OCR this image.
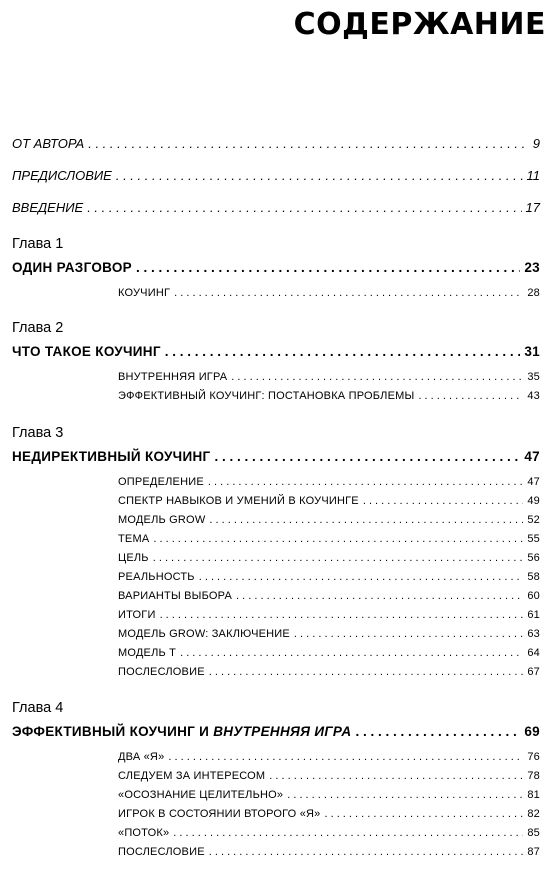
СОДЕРЖАНИЕ
ОТ АВТОРА . . .	9
ПРЕДИСЛОВИЕ . . .	11
ВВЕДЕНИЕ . . .	17
Глава 1
ОДИН РАЗГОВОР . . .	23
КОУЧИНГ . . .	28
Глава 2
ЧТО ТАКОЕ КОУЧИНГ . . .	31
ВНУТРЕННЯЯ ИГРА . . .	35
ЭФФЕКТИВНЫЙ КОУЧИНГ: ПОСТАНОВКА ПРОБЛЕМЫ . . .	43
Глава 3
НЕДИРЕКТИВНЫЙ КОУЧИНГ . . .	47
ОПРЕДЕЛЕНИЕ . . .	47
СПЕКТР НАВЫКОВ И УМЕНИЙ В КОУЧИНГЕ . . .	49
МОДЕЛЬ GROW . . .	52
ТЕМА . . .	55
ЦЕЛЬ . . .	56
РЕАЛЬНОСТЬ . . .	58
ВАРИАНТЫ ВЫБОРА . . .	60
ИТОГИ . . .	61
МОДЕЛЬ GROW: ЗАКЛЮЧЕНИЕ . . .	63
МОДЕЛЬ T . . .	64
ПОСЛЕСЛОВИЕ . . .	67
Глава 4
ЭФФЕКТИВНЫЙ КОУЧИНГ И ВНУТРЕННЯЯ ИГРА . . .	69
ДВА «Я» . . .	76
СЛЕДУЕМ ЗА ИНТЕРЕСОМ . . .	78
«ОСОЗНАНИЕ ЦЕЛИТЕЛЬНО» . . .	81
ИГРОК В СОСТОЯНИИ ВТОРОГО «Я» . . .	82
«ПОТОК» . . .	85
ПОСЛЕСЛОВИЕ . . .	87
